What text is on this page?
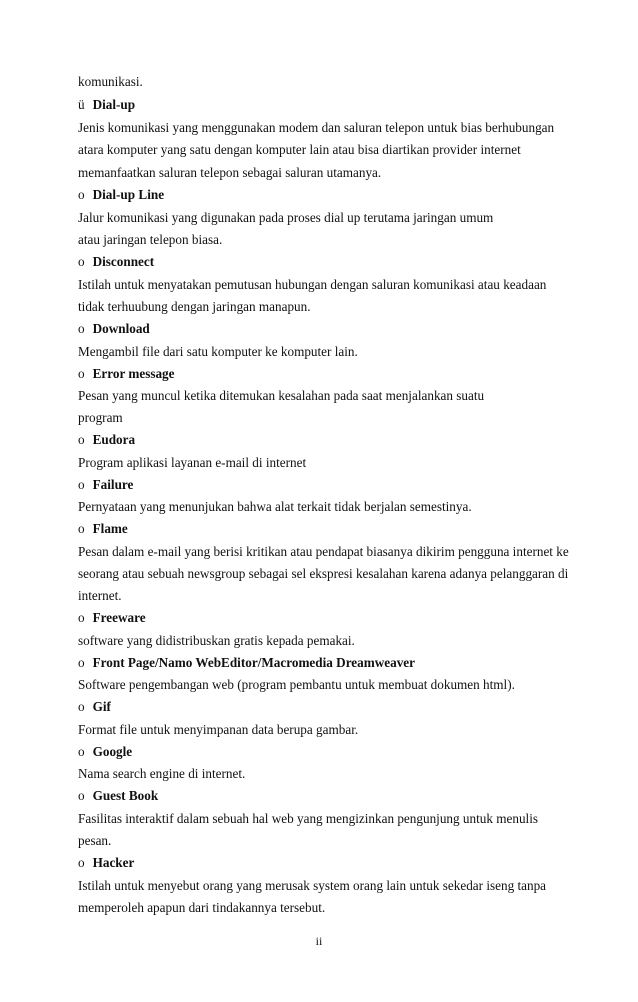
komunikasi.
ü Dial-up
Jenis komunikasi yang menggunakan modem dan saluran telepon untuk bias berhubungan
atara komputer yang satu dengan komputer lain atau bisa diartikan provider internet
memanfaatkan saluran telepon sebagai saluran utamanya.
o Dial-up Line
Jalur komunikasi yang digunakan pada proses dial up terutama jaringan umum
atau jaringan telepon biasa.
o Disconnect
Istilah untuk menyatakan pemutusan hubungan dengan saluran komunikasi atau keadaan
tidak terhuubung dengan jaringan manapun.
o Download
Mengambil file dari satu komputer ke komputer lain.
o Error message
Pesan yang muncul ketika ditemukan kesalahan pada saat menjalankan suatu
program
o Eudora
Program aplikasi layanan e-mail di internet
o Failure
Pernyataan yang menunjukan bahwa alat terkait tidak berjalan semestinya.
o Flame
Pesan dalam e-mail yang berisi kritikan atau pendapat biasanya dikirim pengguna internet ke
seorang atau sebuah newsgroup sebagai sel ekspresi kesalahan karena adanya pelanggaran di
internet.
o Freeware
software yang didistribuskan gratis kepada pemakai.
o Front Page/Namo WebEditor/Macromedia Dreamweaver
Software pengembangan web (program pembantu untuk membuat dokumen html).
o Gif
Format file untuk menyimpanan data berupa gambar.
o Google
Nama search engine di internet.
o Guest Book
Fasilitas interaktif dalam sebuah hal web yang mengizinkan pengunjung untuk menulis
pesan.
o Hacker
Istilah untuk menyebut orang yang merusak system orang lain untuk sekedar iseng tanpa
memperoleh apapun dari tindakannya tersebut.
ii
